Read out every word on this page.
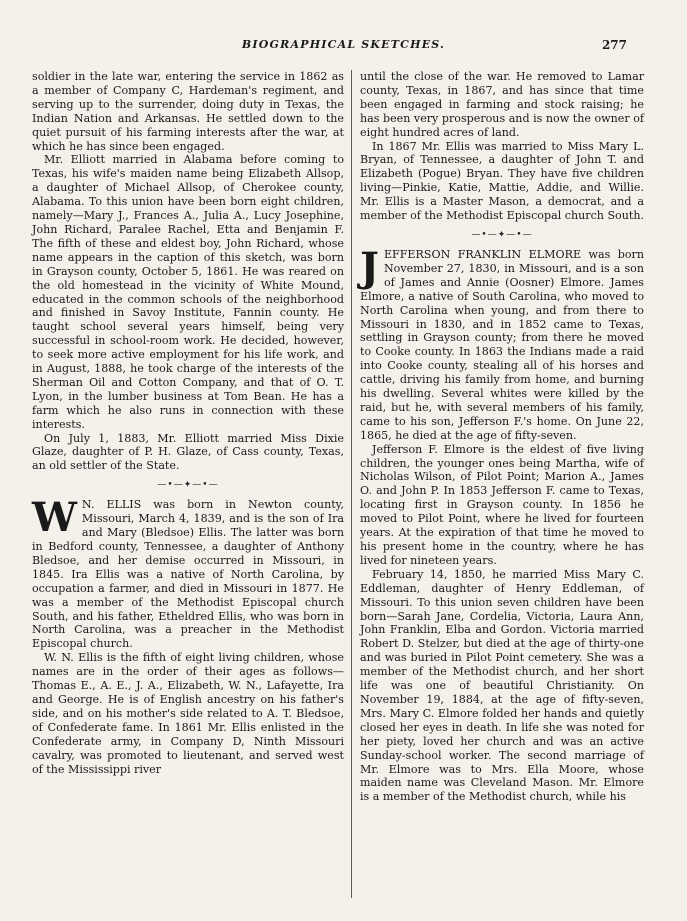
BIOGRAPHICAL SKETCHES.	277

soldier in the late war, entering the service in 1862 as a member of Company C, Hardeman's regiment, and serving up to the surrender, doing duty in Texas, the Indian Nation and Arkansas. He settled down to the quiet pursuit of his farming interests after the war, at which he has since been engaged.

Mr. Elliott married in Alabama before coming to Texas, his wife's maiden name being Elizabeth Allsop, a daughter of Michael Allsop, of Cherokee county, Alabama. To this union have been born eight children, namely—Mary J., Frances A., Julia A., Lucy Josephine, John Richard, Paralee Rachel, Etta and Benjamin F. The fifth of these and eldest boy, John Richard, whose name appears in the caption of this sketch, was born in Grayson county, October 5, 1861. He was reared on the old homestead in the vicinity of White Mound, educated in the common schools of the neighborhood and finished in Savoy Institute, Fannin county. He taught school several years himself, being very successful in school-room work. He decided, however, to seek more active employment for his life work, and in August, 1888, he took charge of the interests of the Sherman Oil and Cotton Company, and that of O. T. Lyon, in the lumber business at Tom Bean. He has a farm which he also runs in connection with these interests.

On July 1, 1883, Mr. Elliott married Miss Dixie Glaze, daughter of P. H. Glaze, of Cass county, Texas, an old settler of the State.

—•—✦—•—

W N. ELLIS was born in Newton county, Missouri, March 4, 1839, and is the son of Ira and Mary (Bledsoe) Ellis. The latter was born in Bedford county, Tennessee, a daughter of Anthony Bledsoe, and her demise occurred in Missouri, in 1845. Ira Ellis was a native of North Carolina, by occupation a farmer, and died in Missouri in 1877. He was a member of the Methodist Episcopal church South, and his father, Etheldred Ellis, who was born in North Carolina, was a preacher in the Methodist Episcopal church.

W. N. Ellis is the fifth of eight living children, whose names are in the order of their ages as follows—Thomas E., A. E., J. A., Elizabeth, W. N., Lafayette, Ira and George. He is of English ancestry on his father's side, and on his mother's side related to A. T. Bledsoe, of Confederate fame. In 1861 Mr. Ellis enlisted in the Confederate army, in Company D, Ninth Missouri cavalry, was promoted to lieutenant, and served west of the Mississippi river

until the close of the war. He removed to Lamar county, Texas, in 1867, and has since that time been engaged in farming and stock raising; he has been very prosperous and is now the owner of eight hundred acres of land.

In 1867 Mr. Ellis was married to Miss Mary L. Bryan, of Tennessee, a daughter of John T. and Elizabeth (Pogue) Bryan. They have five children living—Pinkie, Katie, Mattie, Addie, and Willie. Mr. Ellis is a Master Mason, a democrat, and a member of the Methodist Episcopal church South.

—•—✦—•—

JEFFERSON FRANKLIN ELMORE was born November 27, 1830, in Missouri, and is a son of James and Annie (Oosner) Elmore. James Elmore, a native of South Carolina, who moved to North Carolina when young, and from there to Missouri in 1830, and in 1852 came to Texas, settling in Grayson county; from there he moved to Cooke county. In 1863 the Indians made a raid into Cooke county, stealing all of his horses and cattle, driving his family from home, and burning his dwelling. Several whites were killed by the raid, but he, with several members of his family, came to his son, Jefferson F.'s home. On June 22, 1865, he died at the age of fifty-seven.

Jefferson F. Elmore is the eldest of five living children, the younger ones being Martha, wife of Nicholas Wilson, of Pilot Point; Marion A., James O. and John P. In 1853 Jefferson F. came to Texas, locating first in Grayson county. In 1856 he moved to Pilot Point, where he lived for fourteen years. At the expiration of that time he moved to his present home in the country, where he has lived for nineteen years.

February 14, 1850, he married Miss Mary C. Eddleman, daughter of Henry Eddleman, of Missouri. To this union seven children have been born—Sarah Jane, Cordelia, Victoria, Laura Ann, John Franklin, Elba and Gordon. Victoria married Robert D. Stelzer, but died at the age of thirty-one and was buried in Pilot Point cemetery. She was a member of the Methodist church, and her short life was one of beautiful Christianity. On November 19, 1884, at the age of fifty-seven, Mrs. Mary C. Elmore folded her hands and quietly closed her eyes in death. In life she was noted for her piety, loved her church and was an active Sunday-school worker. The second marriage of Mr. Elmore was to Mrs. Ella Moore, whose maiden name was Cleveland Mason. Mr. Elmore is a member of the Methodist church, while his
